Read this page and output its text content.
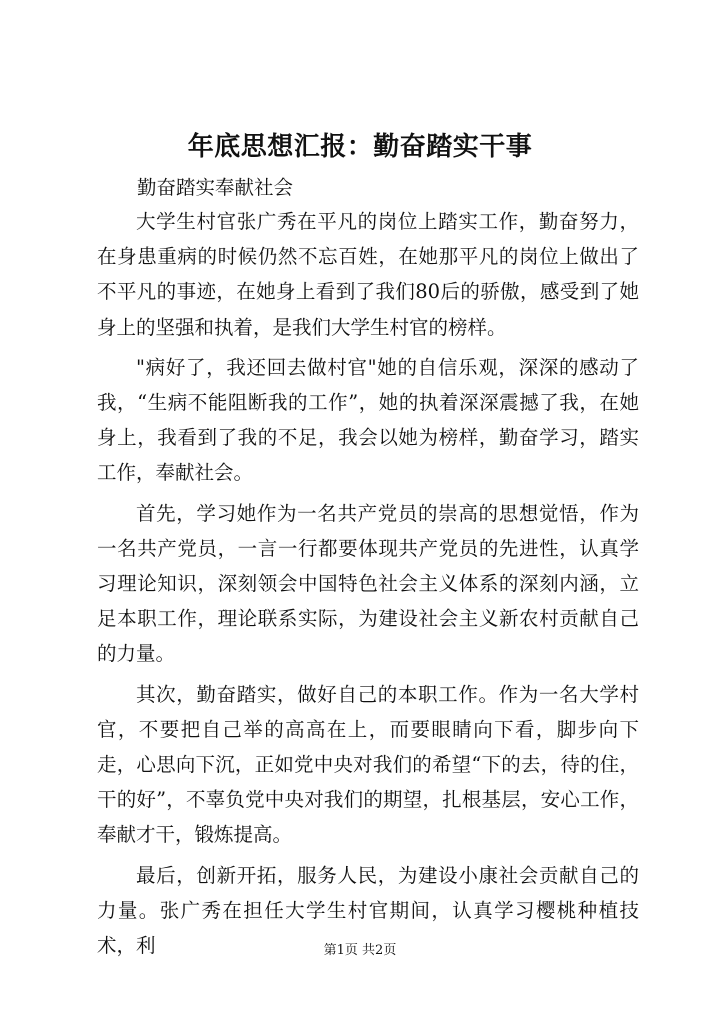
年底思想汇报：勤奋踏实干事

勤奋踏实奉献社会

大学生村官张广秀在平凡的岗位上踏实工作，勤奋努力，在身患重病的时候仍然不忘百姓，在她那平凡的岗位上做出了不平凡的事迹，在她身上看到了我们80后的骄傲，感受到了她身上的坚强和执着，是我们大学生村官的榜样。

"病好了，我还回去做村官"她的自信乐观，深深的感动了我，“生病不能阻断我的工作”，她的执着深深震撼了我，在她身上，我看到了我的不足，我会以她为榜样，勤奋学习，踏实工作，奉献社会。

首先，学习她作为一名共产党员的崇高的思想觉悟，作为一名共产党员，一言一行都要体现共产党员的先进性，认真学习理论知识，深刻领会中国特色社会主义体系的深刻内涵，立足本职工作，理论联系实际，为建设社会主义新农村贡献自己的力量。

其次，勤奋踏实，做好自己的本职工作。作为一名大学村官，不要把自己举的高高在上，而要眼睛向下看，脚步向下走，心思向下沉，正如党中央对我们的希望“下的去，待的住，干的好”，不辜负党中央对我们的期望，扎根基层，安心工作，奉献才干，锻炼提高。

最后，创新开拓，服务人民，为建设小康社会贡献自己的力量。张广秀在担任大学生村官期间，认真学习樱桃种植技术，利	第1页 共2页
